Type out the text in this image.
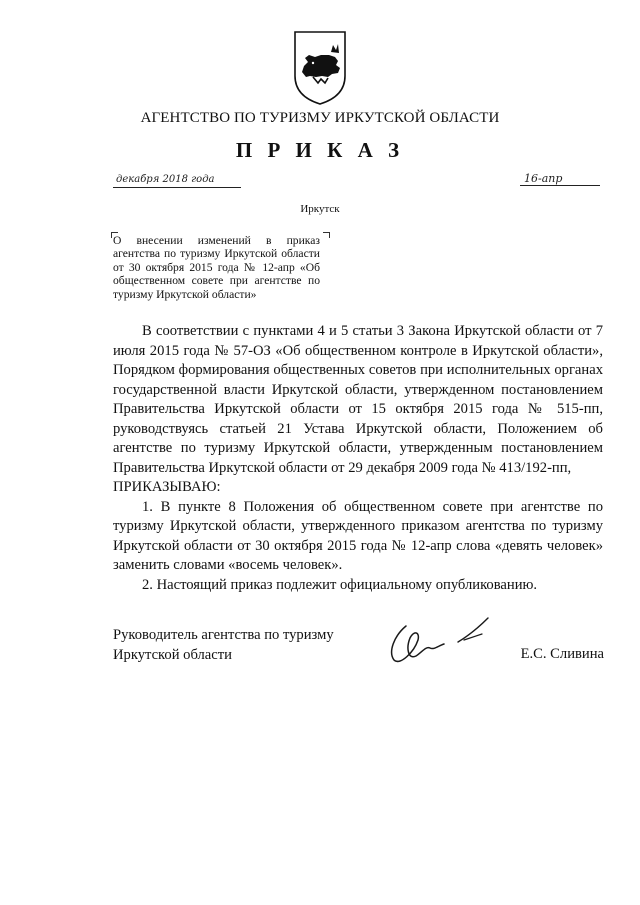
АГЕНТСТВО ПО ТУРИЗМУ ИРКУТСКОЙ ОБЛАСТИ
П Р И К А З
декабря 2018 года	16-апр
Иркутск
О внесении изменений в приказ агентства по туризму Иркутской области от 30 октября 2015 года № 12-апр «Об общественном совете при агентстве по туризму Иркутской области»

В соответствии с пунктами 4 и 5 статьи 3 Закона Иркутской области от 7 июля 2015 года № 57-ОЗ «Об общественном контроле в Иркутской области», Порядком формирования общественных советов при исполнительных органах государственной власти Иркутской области, утвержденном постановлением Правительства Иркутской области от 15 октября 2015 года № 515-пп, руководствуясь статьей 21 Устава Иркутской области, Положением об агентстве по туризму Иркутской области, утвержденным постановлением Правительства Иркутской области от 29 декабря 2009 года № 413/192-пп,

ПРИКАЗЫВАЮ:

1. В пункте 8 Положения об общественном совете при агентстве по туризму Иркутской области, утвержденного приказом агентства по туризму Иркутской области от 30 октября 2015 года № 12-апр слова «девять человек» заменить словами «восемь человек».

2. Настоящий приказ подлежит официальному опубликованию.

Руководитель агентства по туризму
Иркутской области	Е.С. Сливина
